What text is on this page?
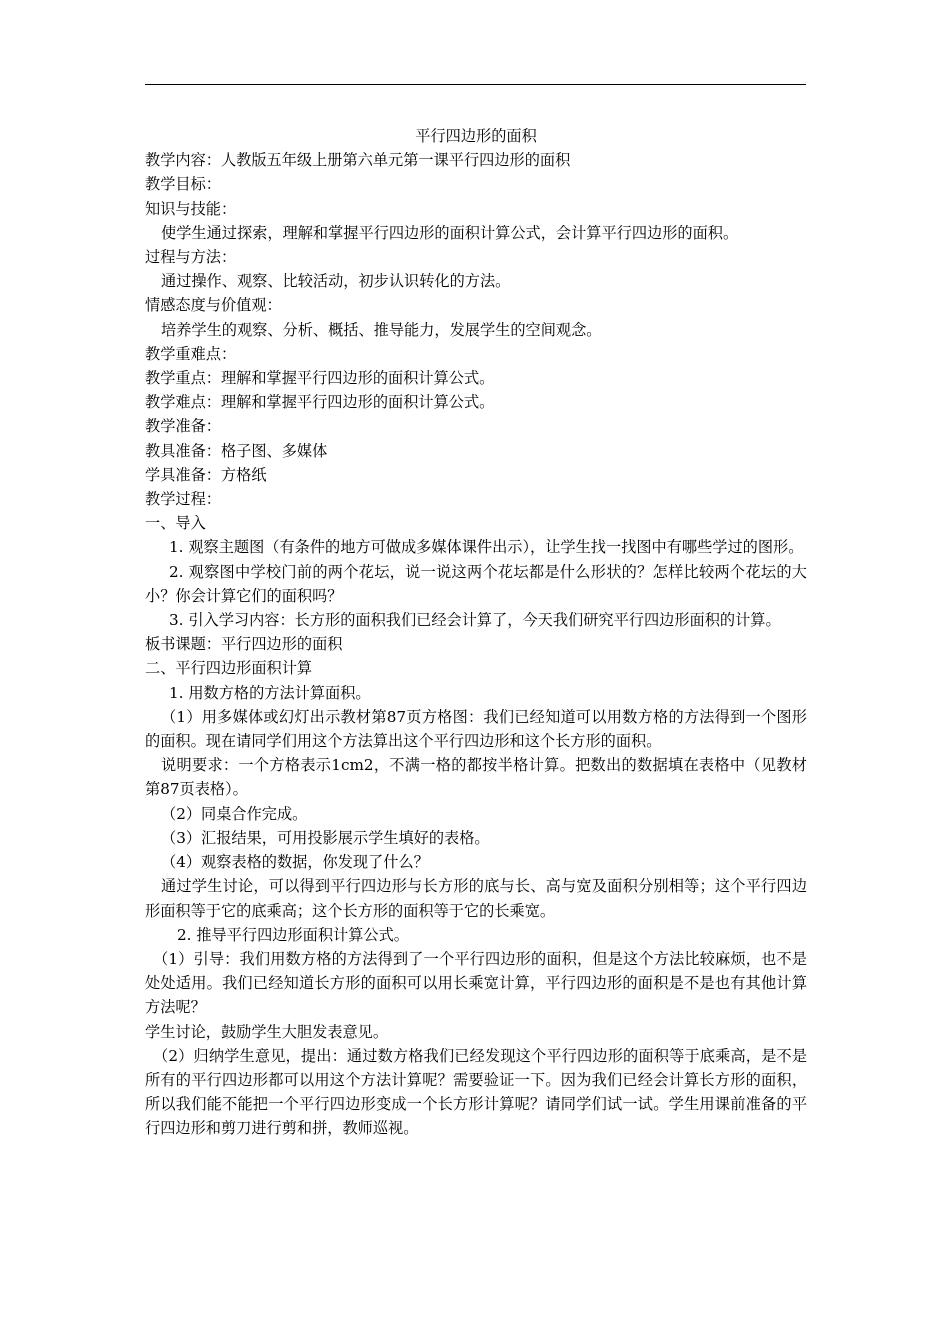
平行四边形的面积
教学内容：人教版五年级上册第六单元第一课平行四边形的面积
教学目标：
知识与技能：
使学生通过探索，理解和掌握平行四边形的面积计算公式，会计算平行四边形的面积。
过程与方法：
通过操作、观察、比较活动，初步认识转化的方法。
情感态度与价值观：
培养学生的观察、分析、概括、推导能力，发展学生的空间观念。
教学重难点：
教学重点：理解和掌握平行四边形的面积计算公式。
教学难点：理解和掌握平行四边形的面积计算公式。
教学准备：
教具准备：格子图、多媒体
学具准备：方格纸
教学过程：
一、导入
1. 观察主题图（有条件的地方可做成多媒体课件出示），让学生找一找图中有哪些学过的图形。
2. 观察图中学校门前的两个花坛，说一说这两个花坛都是什么形状的？怎样比较两个花坛的大小？你会计算它们的面积吗？
3. 引入学习内容：长方形的面积我们已经会计算了，今天我们研究平行四边形面积的计算。
板书课题：平行四边形的面积
二、平行四边形面积计算
1. 用数方格的方法计算面积。
（1）用多媒体或幻灯出示教材第87页方格图：我们已经知道可以用数方格的方法得到一个图形的面积。现在请同学们用这个方法算出这个平行四边形和这个长方形的面积。
说明要求：一个方格表示1cm2，不满一格的都按半格计算。把数出的数据填在表格中（见教材第87页表格）。
（2）同桌合作完成。
（3）汇报结果，可用投影展示学生填好的表格。
（4）观察表格的数据，你发现了什么？
通过学生讨论，可以得到平行四边形与长方形的底与长、高与宽及面积分别相等；这个平行四边形面积等于它的底乘高；这个长方形的面积等于它的长乘宽。
2. 推导平行四边形面积计算公式。
（1）引导：我们用数方格的方法得到了一个平行四边形的面积，但是这个方法比较麻烦，也不是处处适用。我们已经知道长方形的面积可以用长乘宽计算，平行四边形的面积是不是也有其他计算方法呢？
学生讨论，鼓励学生大胆发表意见。
（2）归纳学生意见，提出：通过数方格我们已经发现这个平行四边形的面积等于底乘高，是不是所有的平行四边形都可以用这个方法计算呢？需要验证一下。因为我们已经会计算长方形的面积，所以我们能不能把一个平行四边形变成一个长方形计算呢？请同学们试一试。学生用课前准备的平行四边形和剪刀进行剪和拼，教师巡视。
